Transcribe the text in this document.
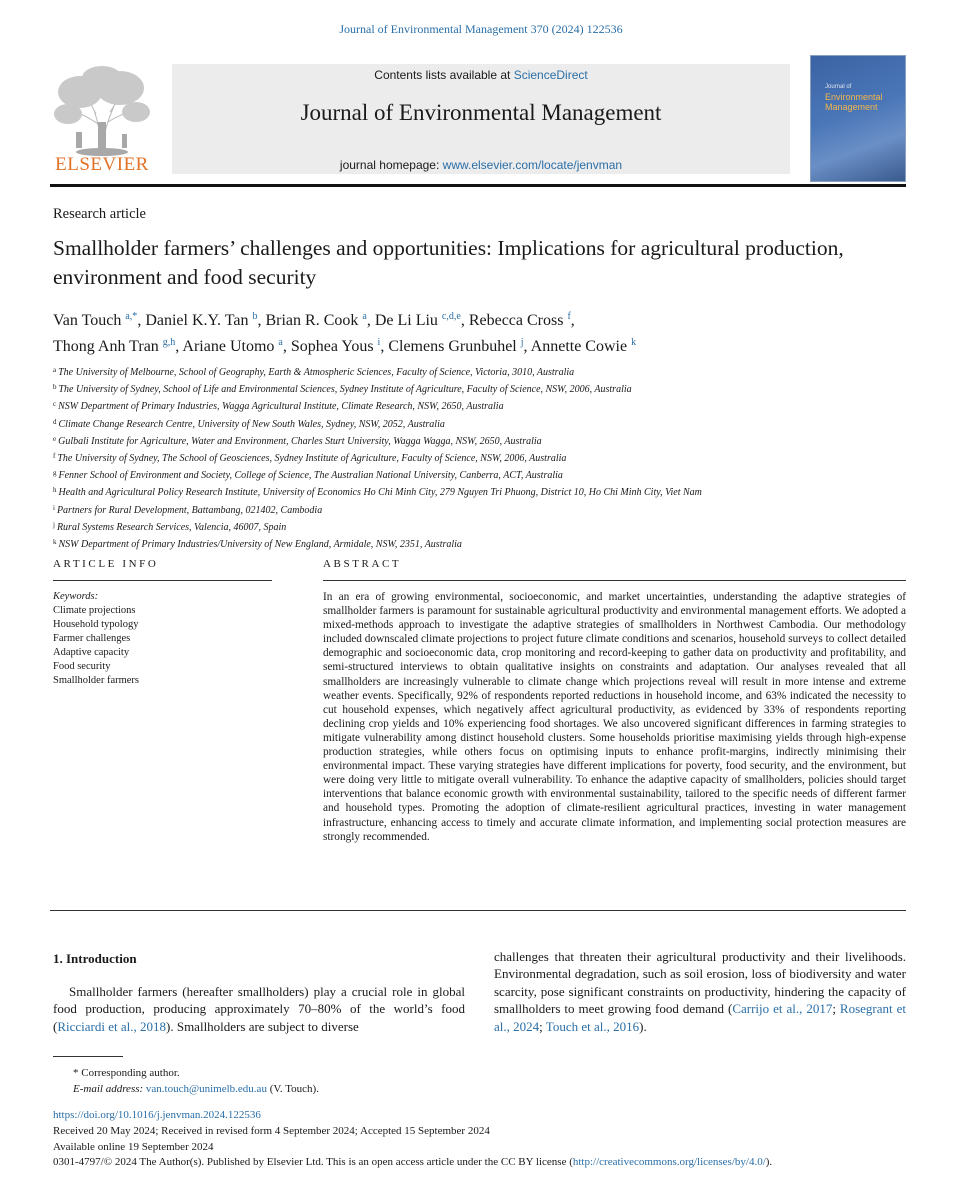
Journal of Environmental Management 370 (2024) 122536
ELSEVIER
Contents lists available at ScienceDirect
Journal of Environmental Management
journal homepage: www.elsevier.com/locate/jenvman
Journal of
Environmental
Management
Research article
Smallholder farmers’ challenges and opportunities: Implications for agricultural production, environment and food security
Van Touch $^{a,*}$, Daniel K.Y. Tan $^b$, Brian R. Cook $^a$, De Li Liu $^{c,d,e}$, Rebecca Cross $^f$,
Thong Anh Tran $^{g,h}$, Ariane Utomo $^a$, Sophea Yous $^i$, Clemens Grunbuhel $^j$, Annette Cowie $^k$
$^a$ The University of Melbourne, School of Geography, Earth & Atmospheric Sciences, Faculty of Science, Victoria, 3010, Australia
$^b$ The University of Sydney, School of Life and Environmental Sciences, Sydney Institute of Agriculture, Faculty of Science, NSW, 2006, Australia
$^c$ NSW Department of Primary Industries, Wagga Agricultural Institute, Climate Research, NSW, 2650, Australia
$^d$ Climate Change Research Centre, University of New South Wales, Sydney, NSW, 2052, Australia
$^e$ Gulbali Institute for Agriculture, Water and Environment, Charles Sturt University, Wagga Wagga, NSW, 2650, Australia
$^f$ The University of Sydney, The School of Geosciences, Sydney Institute of Agriculture, Faculty of Science, NSW, 2006, Australia
$^g$ Fenner School of Environment and Society, College of Science, The Australian National University, Canberra, ACT, Australia
$^h$ Health and Agricultural Policy Research Institute, University of Economics Ho Chi Minh City, 279 Nguyen Tri Phuong, District 10, Ho Chi Minh City, Viet Nam
$^i$ Partners for Rural Development, Battambang, 021402, Cambodia
$^j$ Rural Systems Research Services, Valencia, 46007, Spain
$^k$ NSW Department of Primary Industries/University of New England, Armidale, NSW, 2351, Australia
ARTICLE INFO
Keywords:
Climate projections
Household typology
Farmer challenges
Adaptive capacity
Food security
Smallholder farmers
ABSTRACT
In an era of growing environmental, socioeconomic, and market uncertainties, understanding the adaptive strategies of smallholder farmers is paramount for sustainable agricultural productivity and environmental management efforts. We adopted a mixed-methods approach to investigate the adaptive strategies of smallholders in Northwest Cambodia. Our methodology included downscaled climate projections to project future climate conditions and scenarios, household surveys to collect detailed demographic and socioeconomic data, crop monitoring and record-keeping to gather data on productivity and profitability, and semi-structured interviews to obtain qualitative insights on constraints and adaptation. Our analyses revealed that all smallholders are increasingly vulnerable to climate change which projections reveal will result in more intense and extreme weather events. Specifically, 92% of respondents reported reductions in household income, and 63% indicated the necessity to cut household expenses, which negatively affect agricultural productivity, as evidenced by 33% of respondents reporting declining crop yields and 10% experiencing food shortages. We also uncovered significant differences in farming strategies to mitigate vulnerability among distinct household clusters. Some households prioritise maximising yields through high-expense production strategies, while others focus on optimising inputs to enhance profit-margins, indirectly minimising their environmental impact. These varying strategies have different implications for poverty, food security, and the environment, but were doing very little to mitigate overall vulnerability. To enhance the adaptive capacity of smallholders, policies should target interventions that balance economic growth with environmental sustainability, tailored to the specific needs of different farmer and household types. Promoting the adoption of climate-resilient agricultural practices, investing in water management infrastructure, enhancing access to timely and accurate climate information, and implementing social protection measures are strongly recommended.
1. Introduction
Smallholder farmers (hereafter smallholders) play a crucial role in global food production, producing approximately 70–80% of the world’s food (Ricciardi et al., 2018). Smallholders are subject to diverse
challenges that threaten their agricultural productivity and their livelihoods. Environmental degradation, such as soil erosion, loss of biodiversity and water scarcity, pose significant constraints on productivity, hindering the capacity of smallholders to meet growing food demand (Carrijo et al., 2017; Rosegrant et al., 2024; Touch et al., 2016).
* Corresponding author.
E-mail address: van.touch@unimelb.edu.au (V. Touch).
https://doi.org/10.1016/j.jenvman.2024.122536
Received 20 May 2024; Received in revised form 4 September 2024; Accepted 15 September 2024
Available online 19 September 2024
0301-4797/© 2024 The Author(s). Published by Elsevier Ltd. This is an open access article under the CC BY license (http://creativecommons.org/licenses/by/4.0/).
